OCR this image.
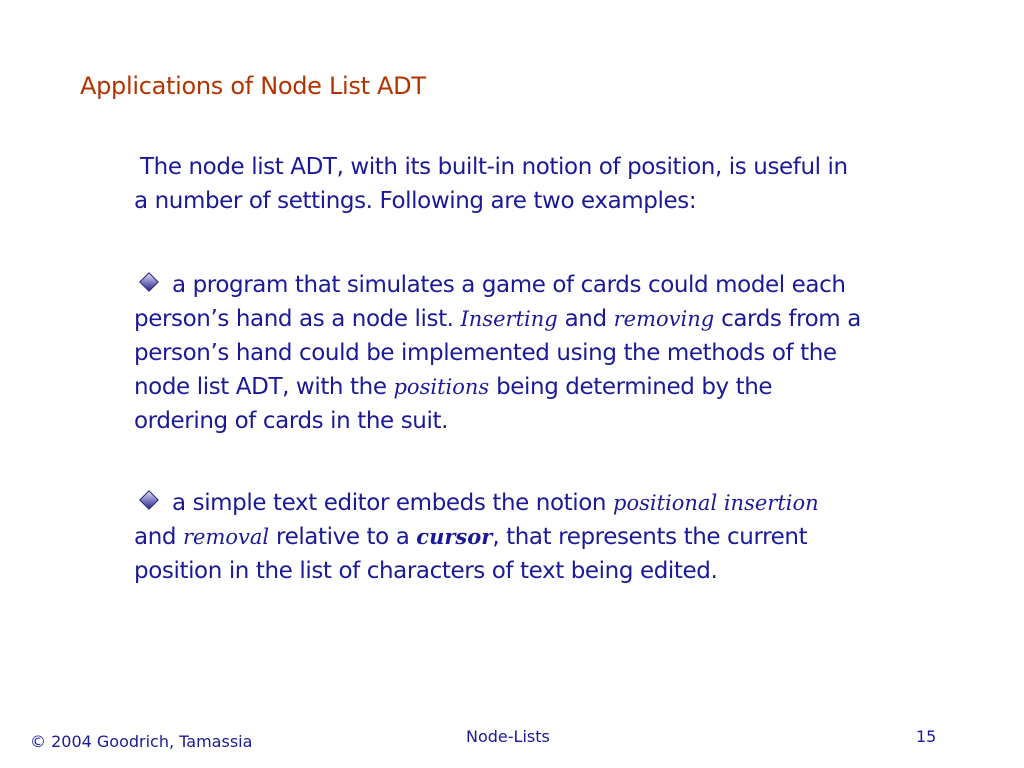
Applications of Node List ADT
The node list ADT, with its built-in notion of position, is useful in
a number of settings. Following are two examples:
a program that simulates a game of cards could model each
person’s hand as a node list. Inserting and removing cards from a
person’s hand could be implemented using the methods of the
node list ADT, with the positions being determined by the
ordering of cards in the suit.
a simple text editor embeds the notion positional insertion
and removal relative to a cursor, that represents the current
position in the list of characters of text being edited.
© 2004 Goodrich, Tamassia	Node-Lists	15
